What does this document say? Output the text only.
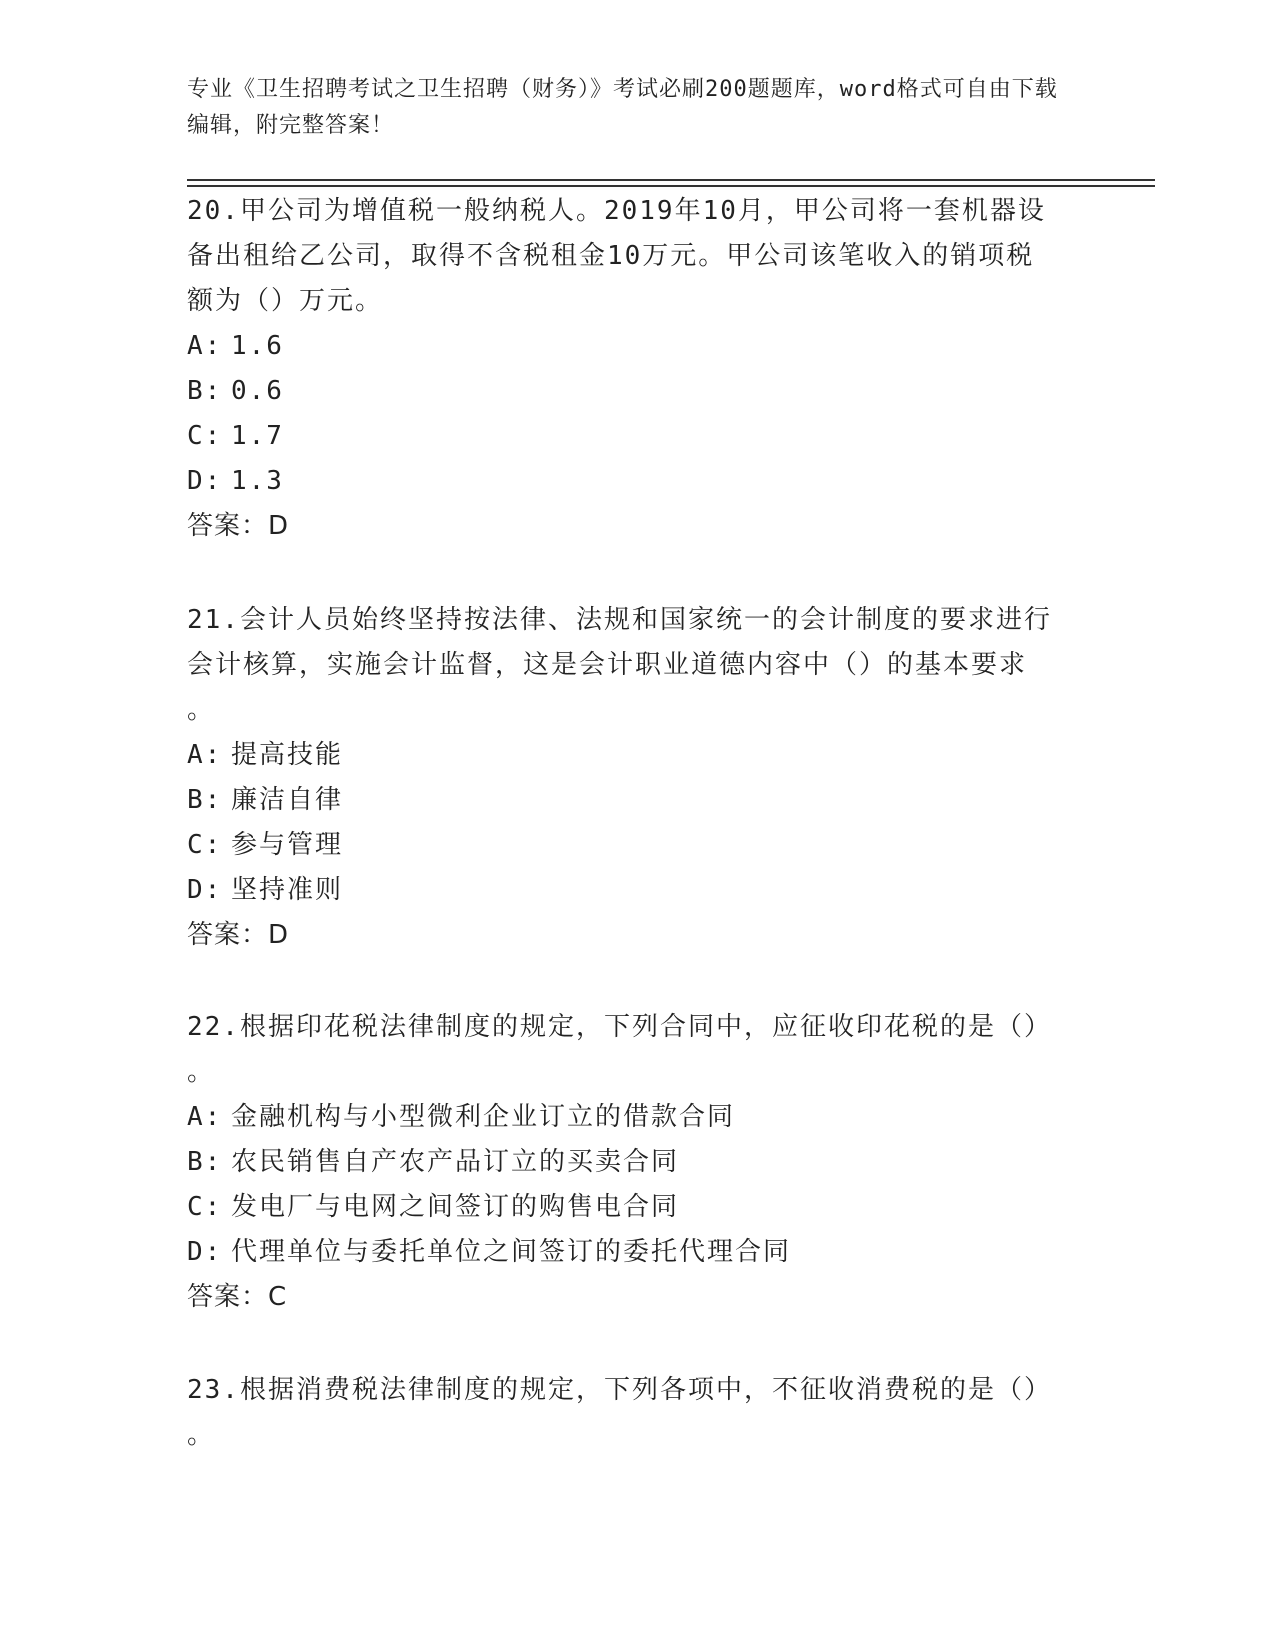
专业《卫生招聘考试之卫生招聘（财务）》考试必刷200题题库，word格式可自由下载编辑，附完整答案！

20.甲公司为增值税一般纳税人。2019年10月，甲公司将一套机器设

备出租给乙公司，取得不含税租金10万元。甲公司该笔收入的销项税

额为（）万元。

A: 1.6

B: 0.6

C: 1.7

D: 1.3

答案：D

21.会计人员始终坚持按法律、法规和国家统一的会计制度的要求进行

会计核算，实施会计监督，这是会计职业道德内容中（）的基本要求

。

A: 提高技能

B: 廉洁自律

C: 参与管理

D: 坚持准则

答案：D

22.根据印花税法律制度的规定，下列合同中，应征收印花税的是（）

。

A: 金融机构与小型微利企业订立的借款合同

B: 农民销售自产农产品订立的买卖合同

C: 发电厂与电网之间签订的购售电合同

D: 代理单位与委托单位之间签订的委托代理合同

答案：C

23.根据消费税法律制度的规定，下列各项中，不征收消费税的是（）

。
